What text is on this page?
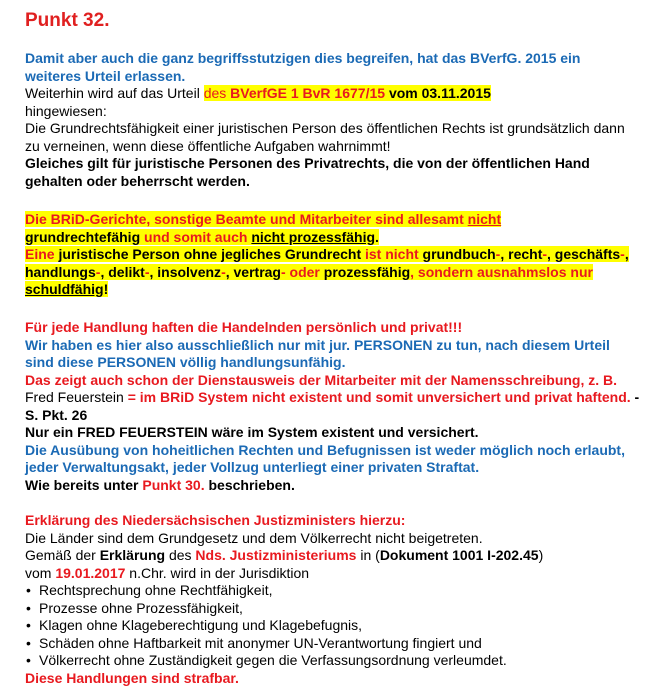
Punkt 32.

Damit aber auch die ganz begriffsstutzigen dies begreifen, hat das BVerfG. 2015 ein weiteres Urteil erlassen.

Weiterhin wird auf das Urteil des BVerfGE 1 BvR 1677/15 vom 03.11.2015
hingewiesen:

Die Grundrechtsfähigkeit einer juristischen Person des öffentlichen Rechts ist grundsätzlich dann zu verneinen, wenn diese öffentliche Aufgaben wahrnimmt!

Gleiches gilt für juristische Personen des Privatrechts, die von der öffentlichen Hand gehalten oder beherrscht werden.

Die BRiD-Gerichte, sonstige Beamte und Mitarbeiter sind allesamt nicht
grundrechtefähig und somit auch nicht prozessfähig.

Eine juristische Person ohne jegliches Grundrecht ist nicht grundbuch-, recht-, geschäfts-, handlungs-, delikt-, insolvenz-, vertrag- oder prozessfähig, sondern ausnahmslos nur schuldfähig!

Für jede Handlung haften die Handelnden persönlich und privat!!!

Wir haben es hier also ausschließlich nur mit jur. PERSONEN zu tun, nach diesem Urteil sind diese PERSONEN völlig handlungsunfähig.

Das zeigt auch schon der Dienstausweis der Mitarbeiter mit der Namensschreibung, z. B. Fred Feuerstein = im BRiD System nicht existent und somit unversichert und privat haftend. - S. Pkt. 26

Nur ein FRED FEUERSTEIN wäre im System existent und versichert.

Die Ausübung von hoheitlichen Rechten und Befugnissen ist weder möglich noch erlaubt, jeder Verwaltungsakt, jeder Vollzug unterliegt einer privaten Straftat.

Wie bereits unter Punkt 30. beschrieben.

Erklärung des Niedersächsischen Justizministers hierzu:

Die Länder sind dem Grundgesetz und dem Völkerrecht nicht beigetreten.

Gemäß der Erklärung des Nds. Justizministeriums in (Dokument 1001 I-202.45)

vom 19.01.2017 n.Chr. wird in der Jurisdiktion

• Rechtsprechung ohne Rechtfähigkeit,
• Prozesse ohne Prozessfähigkeit,
• Klagen ohne Klageberechtigung und Klagebefugnis,
• Schäden ohne Haftbarkeit mit anonymer UN-Verantwortung fingiert und
• Völkerrecht ohne Zuständigkeit gegen die Verfassungsordnung verleumdet.

Diese Handlungen sind strafbar.
